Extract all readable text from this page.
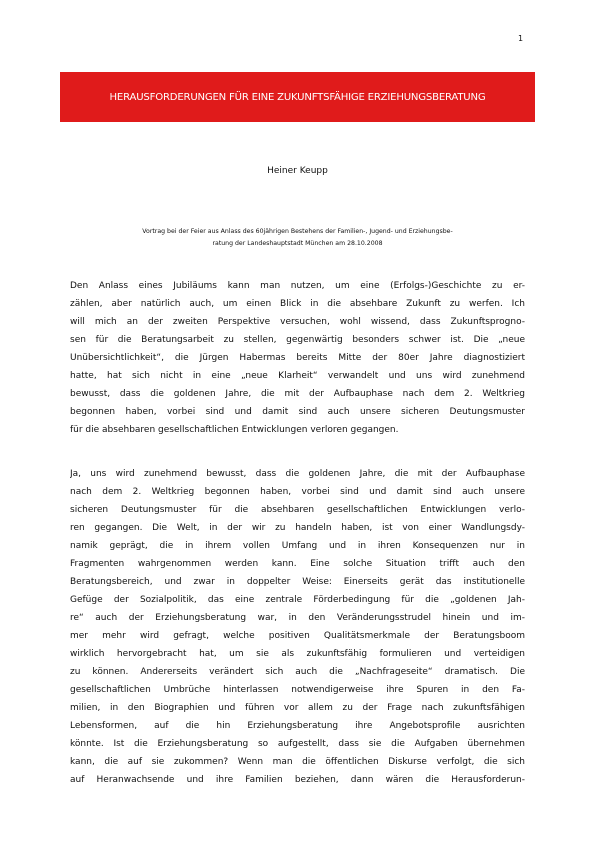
1
HERAUSFORDERUNGEN FÜR EINE ZUKUNFTSFÄHIGE ERZIEHUNGSBERATUNG
Heiner Keupp
Vortrag bei der Feier aus Anlass des 60jährigen Bestehens der Familien-, Jugend- und Erziehungsbe-
ratung der Landeshauptstadt München am 28.10.2008
Den Anlass eines Jubiläums kann man nutzen, um eine (Erfolgs-)Geschichte zu er-
zählen, aber natürlich auch, um einen Blick in die absehbare Zukunft zu werfen. Ich
will mich an der zweiten Perspektive versuchen, wohl wissend, dass Zukunftsprogno-
sen für die Beratungsarbeit zu stellen, gegenwärtig besonders schwer ist. Die „neue
Unübersichtlichkeit“, die Jürgen Habermas bereits Mitte der 80er Jahre diagnostiziert
hatte, hat sich nicht in eine „neue Klarheit“ verwandelt und uns wird zunehmend
bewusst, dass die goldenen Jahre, die mit der Aufbauphase nach dem 2. Weltkrieg
begonnen haben, vorbei sind und damit sind auch unsere sicheren Deutungsmuster
für die absehbaren gesellschaftlichen Entwicklungen verloren gegangen.
Ja, uns wird zunehmend bewusst, dass die goldenen Jahre, die mit der Aufbauphase
nach dem 2. Weltkrieg begonnen haben, vorbei sind und damit sind auch unsere
sicheren Deutungsmuster für die absehbaren gesellschaftlichen Entwicklungen verlo-
ren gegangen. Die Welt, in der wir zu handeln haben, ist von einer Wandlungsdy-
namik geprägt, die in ihrem vollen Umfang und in ihren Konsequenzen nur in
Fragmenten wahrgenommen werden kann. Eine solche Situation trifft auch den
Beratungsbereich, und zwar in doppelter Weise: Einerseits gerät das institutionelle
Gefüge der Sozialpolitik, das eine zentrale Förderbedingung für die „goldenen Jah-
re“ auch der Erziehungsberatung war, in den Veränderungsstrudel hinein und im-
mer mehr wird gefragt, welche positiven Qualitätsmerkmale der Beratungsboom
wirklich hervorgebracht hat, um sie als zukunftsfähig formulieren und verteidigen
zu können. Andererseits verändert sich auch die „Nachfrageseite“ dramatisch. Die
gesellschaftlichen Umbrüche hinterlassen notwendigerweise ihre Spuren in den Fa-
milien, in den Biographien und führen vor allem zu der Frage nach zukunftsfähigen
Lebensformen, auf die hin Erziehungsberatung ihre Angebotsprofile ausrichten
könnte. Ist die Erziehungsberatung so aufgestellt, dass sie die Aufgaben übernehmen
kann, die auf sie zukommen? Wenn man die öffentlichen Diskurse verfolgt, die sich
auf Heranwachsende und ihre Familien beziehen, dann wären die Herausforderun-
